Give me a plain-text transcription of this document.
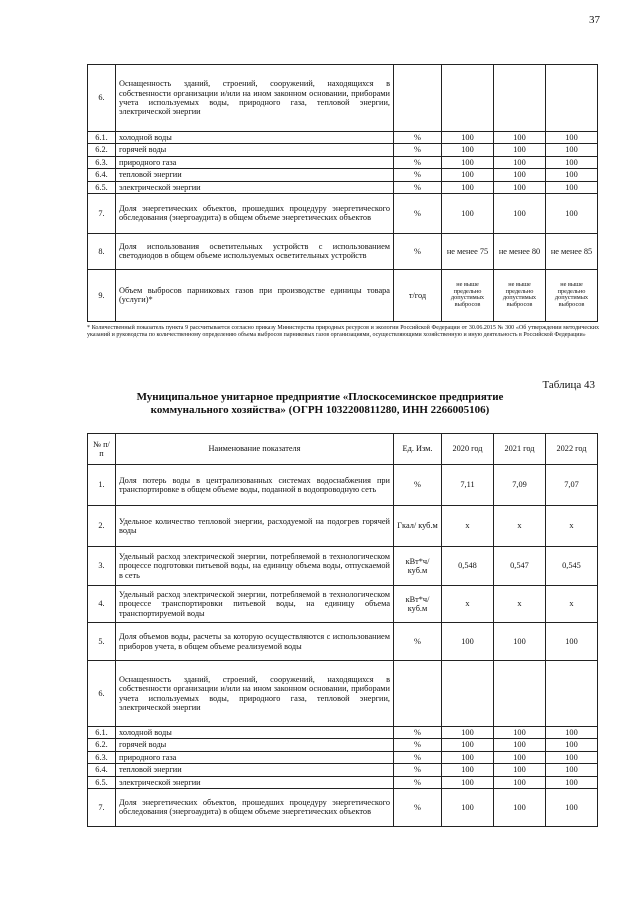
37
6.	Оснащенность зданий, строений, сооружений, находящихся в собственности организации и/или на ином законном основании, приборами учета используемых воды, природного газа, тепловой энергии, электрической энергии				
6.1.	холодной воды	%	100	100	100
6.2.	горячей воды	%	100	100	100
6.3.	природного газа	%	100	100	100
6.4.	тепловой энергии	%	100	100	100
6.5.	электрической энергии	%	100	100	100
7.	Доля энергетических объектов, прошедших процедуру энергетического обследования (энергоаудита) в общем объеме энергетических объектов	%	100	100	100
8.	Доля использования осветительных устройств с использованием светодиодов в общем объеме используемых осветительных устройств	%	не менее 75	не менее 80	не менее 85
9.	Объем выбросов парниковых газов при производстве единицы товара (услуги)*	т/год	не выше предельно допустимых выбросов	не выше предельно допустимых выбросов	не выше предельно допустимых выбросов
* Количественный показатель пункта 9 рассчитывается согласно приказу Министерства природных ресурсов и экологии Российской Федерации от 30.06.2015 № 300 «Об утверждении методических указаний и руководства по количественному определению объема выбросов парниковых газов организациями, осуществляющими хозяйственную и иную деятельность в Российской Федерации»
Таблица 43
Муниципальное унитарное предприятие «Плоскосеминское предприятие коммунального хозяйства» (ОГРН 1032200811280, ИНН 2266005106)
№ п/п	Наименование показателя	Ед. Изм.	2020 год	2021 год	2022 год
1.	Доля потерь воды в централизованных системах водоснабжения при транспортировке в общем объеме воды, поданной в водопроводную сеть	%	7,11	7,09	7,07
2.	Удельное количество тепловой энергии, расходуемой на подогрев горячей воды	Гкал/ куб.м	х	х	х
3.	Удельный расход электрической энергии, потребляемой в технологическом процессе подготовки питьевой воды, на единицу объема воды, отпускаемой в сеть	кВт*ч/ куб.м	0,548	0,547	0,545
4.	Удельный расход электрической энергии, потребляемой в технологическом процессе транспортировки питьевой воды, на единицу объема транспортируемой воды	кВт*ч/ куб.м	х	х	х
5.	Доля объемов воды, расчеты за которую осуществляются с использованием приборов учета, в общем объеме реализуемой воды	%	100	100	100
6.	Оснащенность зданий, строений, сооружений, находящихся в собственности организации и/или на ином законном основании, приборами учета используемых воды, природного газа, тепловой энергии, электрической энергии				
6.1.	холодной воды	%	100	100	100
6.2.	горячей воды	%	100	100	100
6.3.	природного газа	%	100	100	100
6.4.	тепловой энергии	%	100	100	100
6.5.	электрической энергии	%	100	100	100
7.	Доля энергетических объектов, прошедших процедуру энергетического обследования (энергоаудита) в общем объеме энергетических объектов	%	100	100	100
